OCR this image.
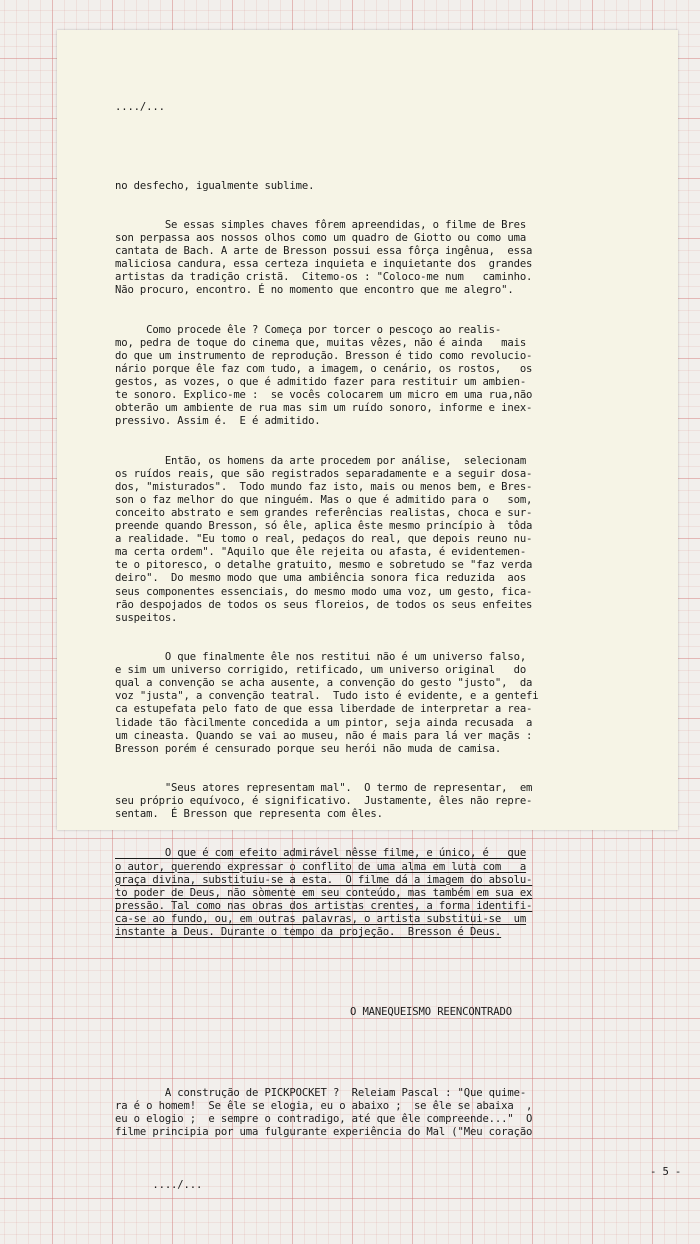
..../...

no desfecho, igualmente sublime.

Se essas simples chaves fôrem apreendidas, o filme de Bres
son perpassa aos nossos olhos como um quadro de Giotto ou como uma
cantata de Bach. A arte de Bresson possui essa fôrça ingênua,  essa
maliciosa candura, essa certeza inquieta e inquietante dos  grandes
artistas da tradição cristã.  Citemo-os : "Coloco-me num   caminho.
Não procuro, encontro. É no momento que encontro que me alegro".

Como procede êle ? Começa por torcer o pescoço ao realis-
mo, pedra de toque do cinema que, muitas vêzes, não é ainda   mais
do que um instrumento de reprodução. Bresson é tido como revolucio-
nário porque êle faz com tudo, a imagem, o cenário, os rostos,   os
gestos, as vozes, o que é admitido fazer para restituir um ambien-
te sonoro. Explico-me :  se vocês colocarem um micro em uma rua,não
obterão um ambiente de rua mas sim um ruído sonoro, informe e inex-
pressivo. Assim é.  E é admitido.

Então, os homens da arte procedem por análise,  selecionam
os ruídos reais, que são registrados separadamente e a seguir dosa-
dos, "misturados".  Todo mundo faz isto, mais ou menos bem, e Bres-
son o faz melhor do que ninguém. Mas o que é admitido para o   som,
conceito abstrato e sem grandes referências realistas, choca e sur-
preende quando Bresson, só êle, aplica êste mesmo princípio à  tôda
a realidade. "Eu tomo o real, pedaços do real, que depois reuno nu-
ma certa ordem". "Aquilo que êle rejeita ou afasta, é evidentemen-
te o pitoresco, o detalhe gratuito, mesmo e sobretudo se "faz verda
deiro".  Do mesmo modo que uma ambiência sonora fica reduzida  aos
seus componentes essenciais, do mesmo modo uma voz, um gesto, fica-
rão despojados de todos os seus floreios, de todos os seus enfeites
suspeitos.

O que finalmente êle nos restitui não é um universo falso,
e sim um universo corrigido, retificado, um universo original   do
qual a convenção se acha ausente, a convenção do gesto "justo",  da
voz "justa", a convenção teatral.  Tudo isto é evidente, e a gentefi
ca estupefata pelo fato de que essa liberdade de interpretar a rea-
lidade tão fàcilmente concedida a um pintor, seja ainda recusada  a
um cineasta. Quando se vai ao museu, não é mais para lá ver maçãs :
Bresson porém é censurado porque seu herói não muda de camisa.

"Seus atores representam mal".  O termo de representar,  em
seu próprio equívoco, é significativo.  Justamente, êles não repre-
sentam.  É Bresson que representa com êles.

O que é com efeito admirável nêsse filme, e único, é   que
o autor, querendo expressar o conflito de uma alma em luta com   a
graça divina, substituiu-se a esta.  O filme dá a imagem do absolu-
to poder de Deus, não sòmente em seu conteúdo, mas também em sua ex
pressão. Tal como nas obras dos artistas crentes, a forma identifi-
ca-se ao fundo, ou, em outras palavras, o artista substitui-se  um
instante a Deus. Durante o tempo da projeção.  Bresson é Deus.

O MANEQUEISMO REENCONTRADO

A construção de PICKPOCKET ?  Releiam Pascal : "Que quime-
ra é o homem!  Se êle se elogia, eu o abaixo ;  se êle se abaixa  ,
eu o elogio ;  e sempre o contradigo, até que êle compreende..."  O
filme principia por uma fulgurante experiência do Mal ("Meu coração

..../...

- 5 -
